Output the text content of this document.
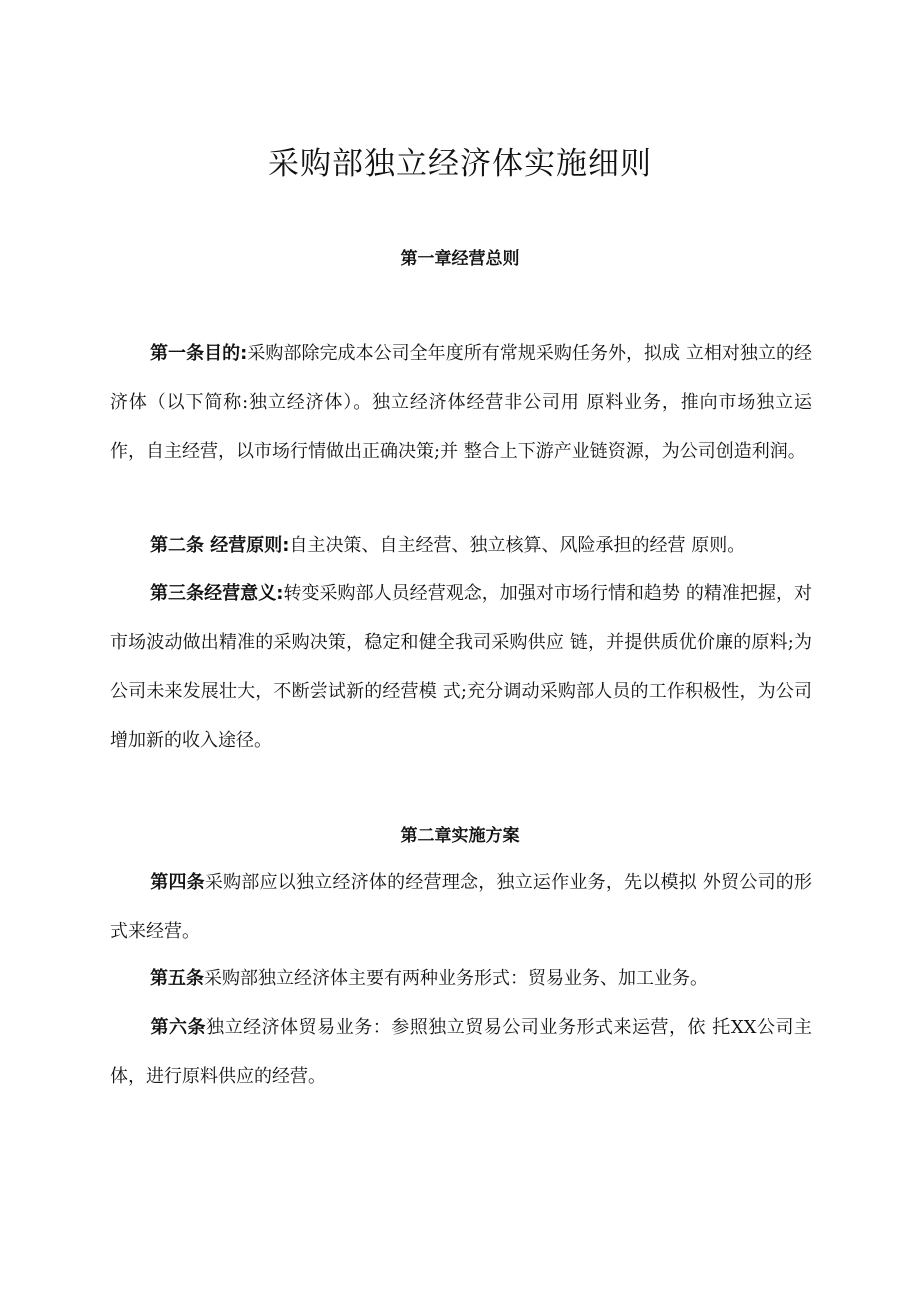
采购部独立经济体实施细则
第一章经营总则

第一条目的:采购部除完成本公司全年度所有常规采购任务外，拟成 立相对独立的经济体（以下简称:独立经济体）。独立经济体经营非公司用 原料业务，推向市场独立运作，自主经营，以市场行情做出正确决策;并 整合上下游产业链资源，为公司创造利润。

第二条 经营原则:自主决策、自主经营、独立核算、风险承担的经营 原则。

第三条经营意义:转变采购部人员经营观念，加强对市场行情和趋势 的精准把握，对市场波动做出精准的采购决策，稳定和健全我司采购供应 链，并提供质优价廉的原料;为公司未来发展壮大，不断尝试新的经营模 式;充分调动采购部人员的工作积极性，为公司增加新的收入途径。

第二章实施方案

第四条采购部应以独立经济体的经营理念，独立运作业务，先以模拟 外贸公司的形式来经营。

第五条采购部独立经济体主要有两种业务形式：贸易业务、加工业务。

第六条独立经济体贸易业务：参照独立贸易公司业务形式来运营，依 托XX公司主体，进行原料供应的经营。
